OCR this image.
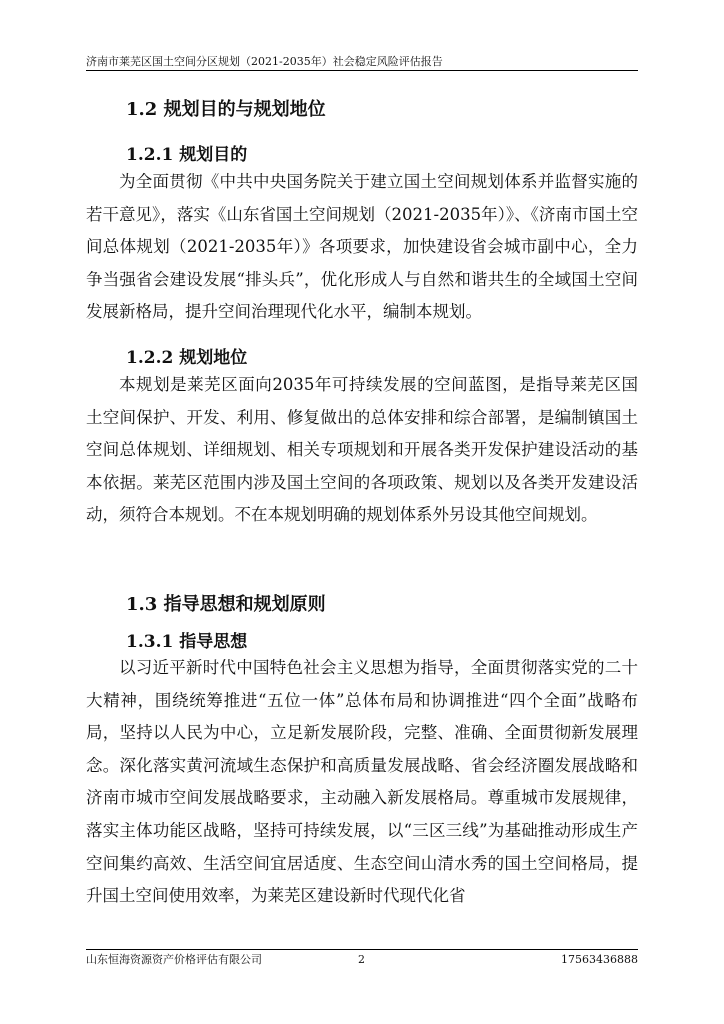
济南市莱芜区国土空间分区规划（2021-2035年）社会稳定风险评估报告
1.2 规划目的与规划地位
1.2.1 规划目的
为全面贯彻《中共中央国务院关于建立国土空间规划体系并监督实施的若干意见》，落实《山东省国土空间规划（2021-2035年）》、《济南市国土空间总体规划（2021-2035年）》各项要求，加快建设省会城市副中心，全力争当强省会建设发展“排头兵”，优化形成人与自然和谐共生的全域国土空间发展新格局，提升空间治理现代化水平，编制本规划。
1.2.2 规划地位
本规划是莱芜区面向2035年可持续发展的空间蓝图，是指导莱芜区国土空间保护、开发、利用、修复做出的总体安排和综合部署，是编制镇国土空间总体规划、详细规划、相关专项规划和开展各类开发保护建设活动的基本依据。莱芜区范围内涉及国土空间的各项政策、规划以及各类开发建设活动，须符合本规划。不在本规划明确的规划体系外另设其他空间规划。
1.3 指导思想和规划原则
1.3.1 指导思想
以习近平新时代中国特色社会主义思想为指导，全面贯彻落实党的二十大精神，围绕统筹推进“五位一体”总体布局和协调推进“四个全面”战略布局，坚持以人民为中心，立足新发展阶段，完整、准确、全面贯彻新发展理念。深化落实黄河流域生态保护和高质量发展战略、省会经济圈发展战略和济南市城市空间发展战略要求，主动融入新发展格局。尊重城市发展规律，落实主体功能区战略，坚持可持续发展，以“三区三线”为基础推动形成生产空间集约高效、生活空间宜居适度、生态空间山清水秀的国土空间格局，提升国土空间使用效率，为莱芜区建设新时代现代化省
山东恒海资源资产价格评估有限公司	2	17563436888
